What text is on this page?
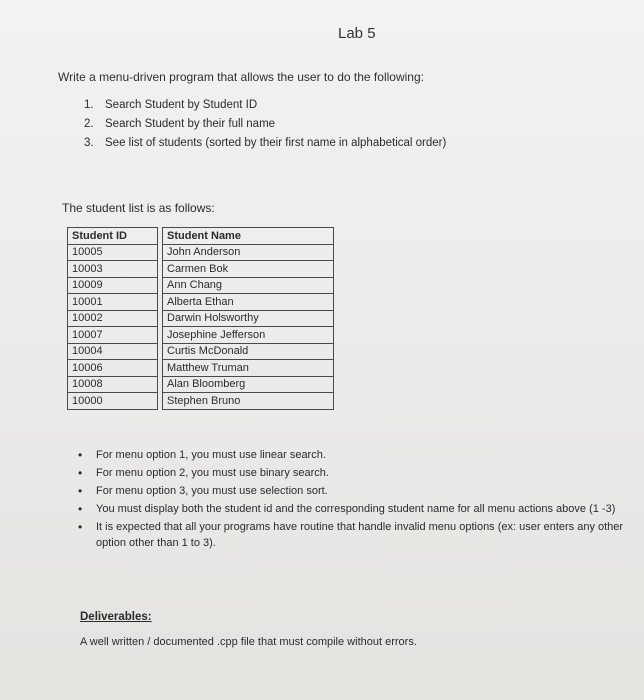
Lab 5
Write a menu-driven program that allows the user to do the following:
1. Search Student by Student ID
2. Search Student by their full name
3. See list of students (sorted by their first name in alphabetical order)
The student list is as follows:
Student ID		Student Name
10005		John Anderson
10003		Carmen Bok
10009		Ann Chang
10001		Alberta Ethan
10002		Darwin Holsworthy
10007		Josephine Jefferson
10004		Curtis McDonald
10006		Matthew Truman
10008		Alan Bloomberg
10000		Stephen Bruno
• For menu option 1, you must use linear search.
• For menu option 2, you must use binary search.
• For menu option 3, you must use selection sort.
• You must display both the student id and the corresponding student name for all menu actions above (1 -3)
• It is expected that all your programs have routine that handle invalid menu options (ex: user enters any other option other than 1 to 3).
Deliverables:
A well written / documented .cpp file that must compile without errors.
